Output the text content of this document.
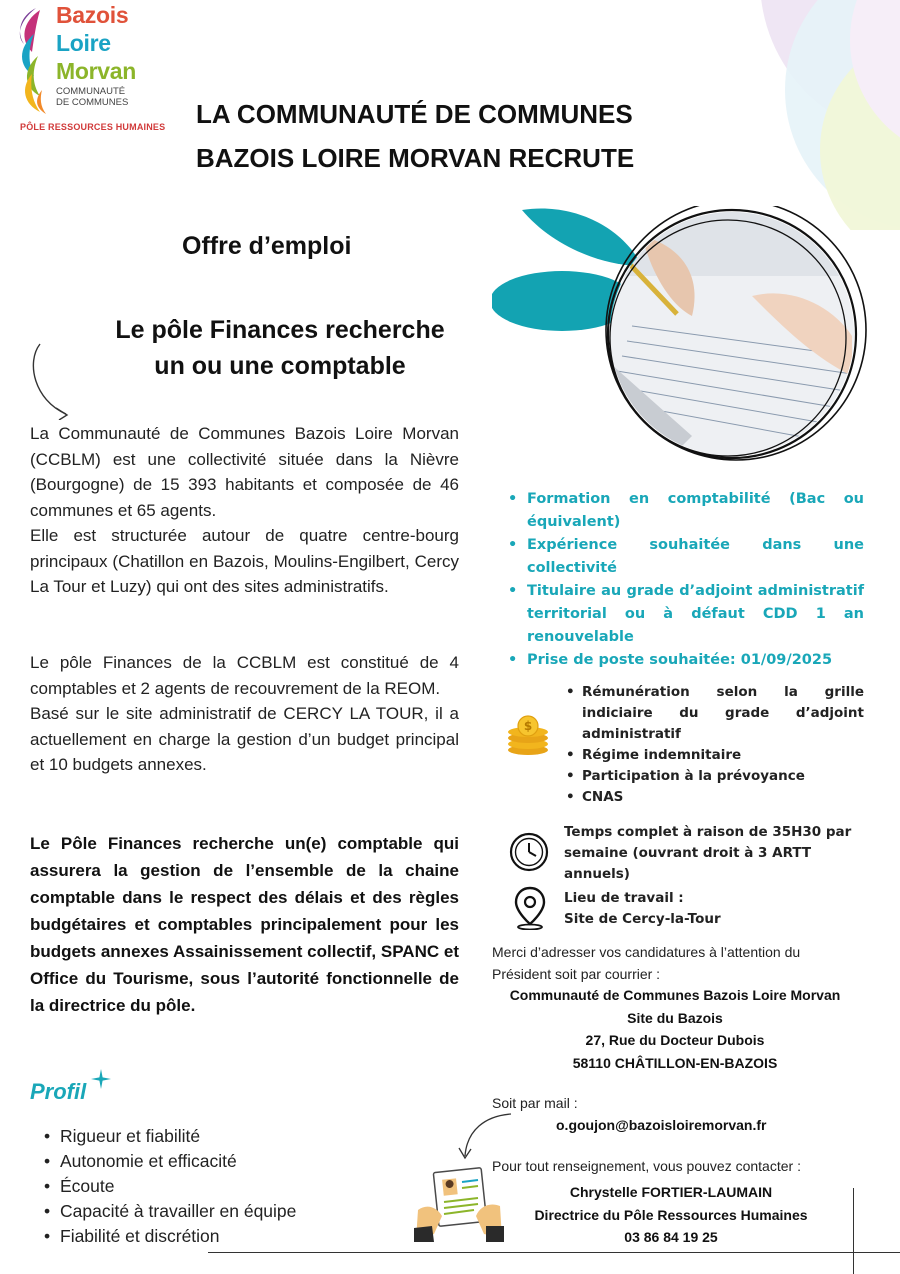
Bazois
Loire
Morvan
COMMUNAUTÉ
DE COMMUNES
PÔLE RESSOURCES HUMAINES LA COMMUNAUTÉ DE COMMUNES
BAZOIS LOIRE MORVAN RECRUTE
Offre d’emploi
Le pôle Finances recherche
un ou une comptable

La Communauté de Communes Bazois Loire Morvan (CCBLM) est une collectivité située dans la Nièvre (Bourgogne) de 15 393 habitants et composée de 46 communes et 65 agents.

Elle est structurée autour de quatre centre-bourg principaux (Chatillon en Bazois, Moulins-Engilbert, Cercy La Tour et Luzy) qui ont des sites administratifs.

Le pôle Finances de la CCBLM est constitué de 4 comptables et 2 agents de recouvrement de la REOM.

Basé sur le site administratif de CERCY LA TOUR, il a actuellement en charge la gestion d’un budget principal et 10 budgets annexes.

Le Pôle Finances recherche un(e) comptable qui assurera la gestion de l’ensemble de la chaine comptable dans le respect des délais et des règles budgétaires et comptables principalement pour les budgets annexes Assainissement collectif, SPANC et Office du Tourisme, sous l’autorité fonctionnelle de la directrice du pôle.

Profil
• Rigueur et fiabilité
• Autonomie et efficacité
• Écoute
• Capacité à travailler en équipe
• Fiabilité et discrétion
• Formation en comptabilité (Bac ou équivalent)
• Expérience souhaitée dans une collectivité
• Titulaire au grade d’adjoint administratif territorial ou à défaut CDD 1 an renouvelable
• Prise de poste souhaitée: 01/09/2025
$
• Rémunération selon la grille indiciaire du grade d’adjoint administratif
• Régime indemnitaire
• Participation à la prévoyance
• CNAS
Temps complet à raison de 35H30 par semaine (ouvrant droit à 3 ARTT annuels)
Lieu de travail :
Site de Cercy-la-Tour
Merci d’adresser vos candidatures à l’attention du Président soit par courrier :
Communauté de Communes Bazois Loire Morvan
Site du Bazois
27, Rue du Docteur Dubois
58110 CHÂTILLON-EN-BAZOIS
Soit par mail :
o.goujon@bazoisloiremorvan.fr
Pour tout renseignement, vous pouvez contacter :
Chrystelle FORTIER-LAUMAIN
Directrice du Pôle Ressources Humaines
03 86 84 19 25
